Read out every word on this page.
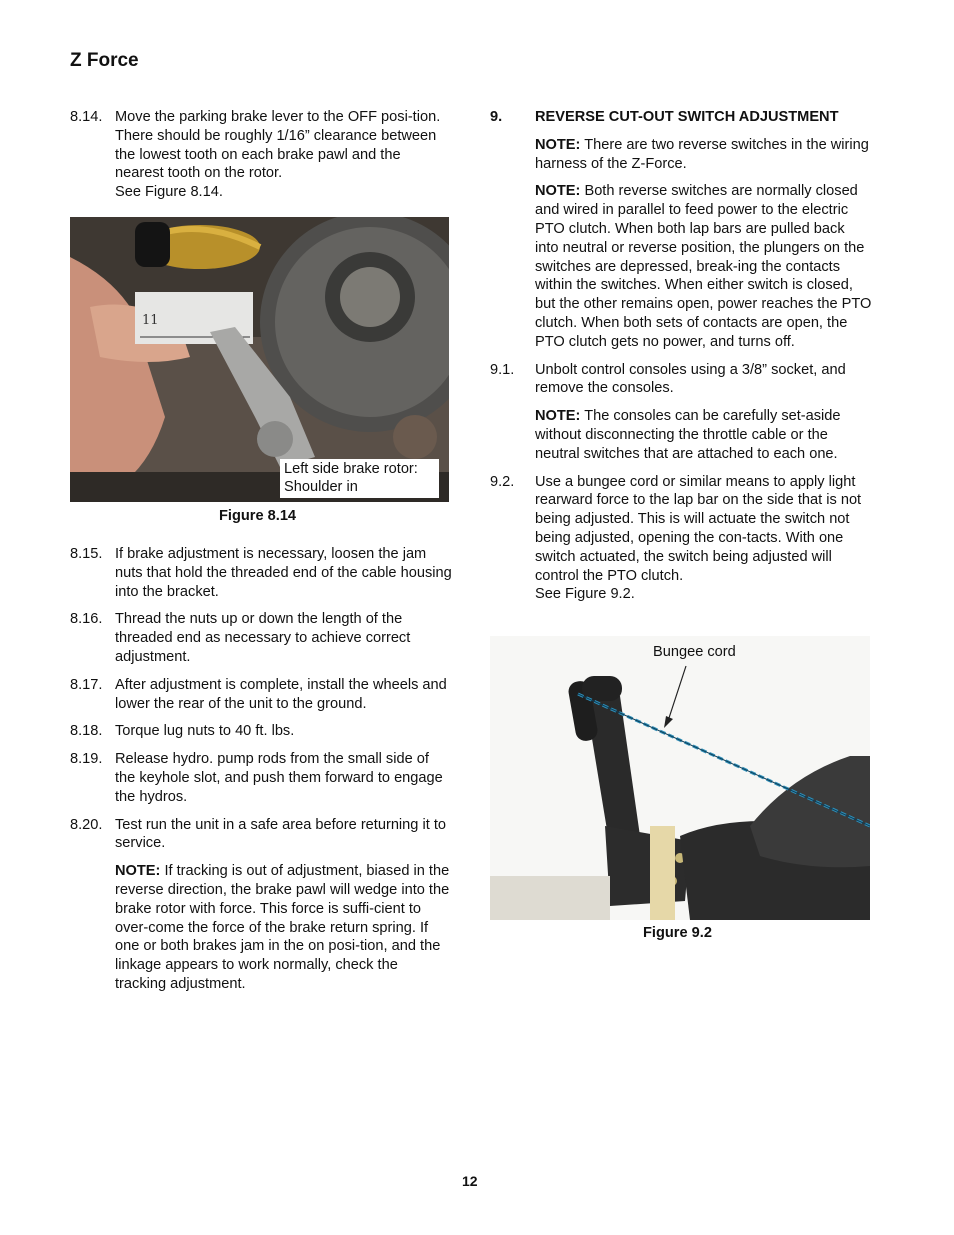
Z Force
8.14. Move the parking brake lever to the OFF posi-tion. There should be roughly 1/16” clearance between the lowest tooth on each brake pawl and the nearest tooth on the rotor.
See Figure 8.14.
11
Left side brake rotor:
Shoulder in
Figure 8.14
8.15. If brake adjustment is necessary, loosen the jam nuts that hold the threaded end of the cable housing into the bracket.
8.16. Thread the nuts up or down the length of the threaded end as necessary to achieve correct adjustment.
8.17. After adjustment is complete, install the wheels and lower the rear of the unit to the ground.
8.18. Torque lug nuts to 40 ft. lbs.
8.19. Release hydro. pump rods from the small side of the keyhole slot, and push them forward to engage the hydros.
8.20. Test run the unit in a safe area before returning it to service.
NOTE: If tracking is out of adjustment, biased in the reverse direction, the brake pawl will wedge into the brake rotor with force. This force is suffi-cient to over-come the force of the brake return spring. If one or both brakes jam in the on posi-tion, and the linkage appears to work normally, check the tracking adjustment.
9.	REVERSE CUT-OUT SWITCH ADJUSTMENT
NOTE: There are two reverse switches in the wiring harness of the Z-Force.
NOTE: Both reverse switches are normally closed and wired in parallel to feed power to the electric PTO clutch. When both lap bars are pulled back into neutral or reverse position, the plungers on the switches are depressed, break-ing the contacts within the switches. When either switch is closed, but the other remains open, power reaches the PTO clutch. When both sets of contacts are open, the PTO clutch gets no power, and turns off.
9.1.	Unbolt control consoles using a 3/8” socket, and remove the consoles.
NOTE: The consoles can be carefully set-aside without disconnecting the throttle cable or the neutral switches that are attached to each one.
9.2.	Use a bungee cord or similar means to apply light rearward force to the lap bar on the side that is not being adjusted. This is will actuate the switch not being adjusted, opening the con-tacts. With one switch actuated, the switch being adjusted will control the PTO clutch.
See Figure 9.2.
Bungee cord
Figure 9.2
12
